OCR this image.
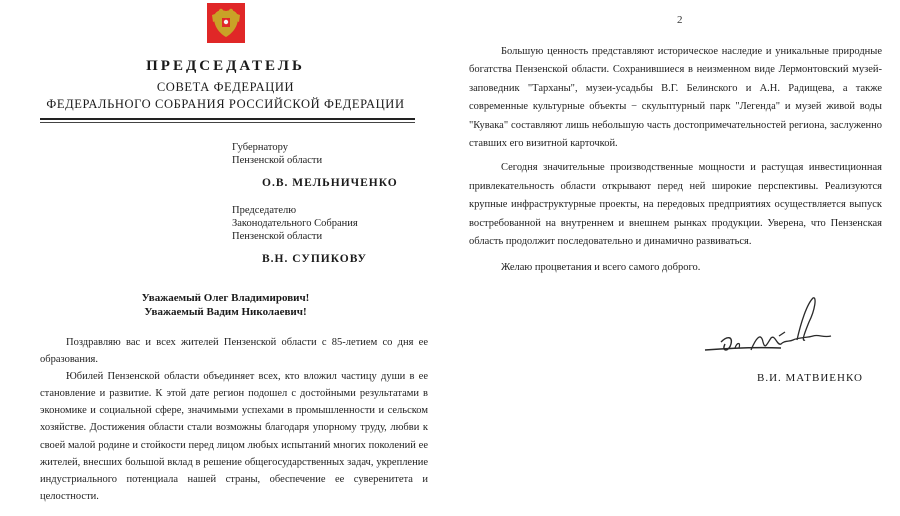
ПРЕДСЕДАТЕЛЬ
СОВЕТА ФЕДЕРАЦИИ
ФЕДЕРАЛЬНОГО СОБРАНИЯ РОССИЙСКОЙ ФЕДЕРАЦИИ
Губернатору
Пензенской области
О.В. МЕЛЬНИЧЕНКО
Председателю
Законодательного Собрания
Пензенской области
В.Н. СУПИКОВУ
Уважаемый Олег Владимирович!
Уважаемый Вадим Николаевич!

Поздравляю вас и всех жителей Пензенской области с 85-летием со дня ее образования.

Юбилей Пензенской области объединяет всех, кто вложил частицу души в ее становление и развитие. К этой дате регион подошел с достойными результатами в экономике и социальной сфере, значимыми успехами в промышленности и сельском хозяйстве. Достижения области стали возможны благодаря упорному труду, любви к своей малой родине и стойкости перед лицом любых испытаний многих поколений ее жителей, внесших большой вклад в решение общегосударственных задач, укрепление индустриального потенциала нашей страны, обеспечение ее суверенитета и целостности.

2

Большую ценность представляют историческое наследие и уникальные природные богатства Пензенской области. Сохранившиеся в неизменном виде Лермонтовский музей-заповедник "Тарханы", музеи-усадьбы В.Г. Белинского и А.Н. Радищева, а также современные культурные объекты − скульптурный парк "Легенда" и музей живой воды "Кувака" составляют лишь небольшую часть достопримечательностей региона, заслуженно ставших его визитной карточкой.

Сегодня значительные производственные мощности и растущая инвестиционная привлекательность области открывают перед ней широкие перспективы. Реализуются крупные инфраструктурные проекты, на передовых предприятиях осуществляется выпуск востребованной на внутреннем и внешнем рынках продукции. Уверена, что Пензенская область продолжит последовательно и динамично развиваться.

Желаю процветания и всего самого доброго.

В.И. МАТВИЕНКО
